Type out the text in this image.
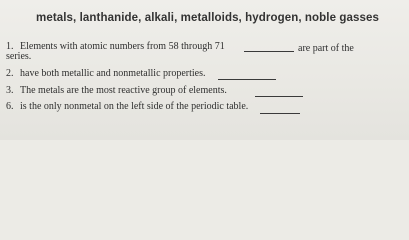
metals, lanthanide, alkali, metalloids, hydrogen, noble gasses
1. Elements with atomic numbers from 58 through 71	are part of the
series.
2. have both metallic and nonmetallic properties.
3. The metals are the most reactive group of elements.
6. is the only nonmetal on the left side of the periodic table.
